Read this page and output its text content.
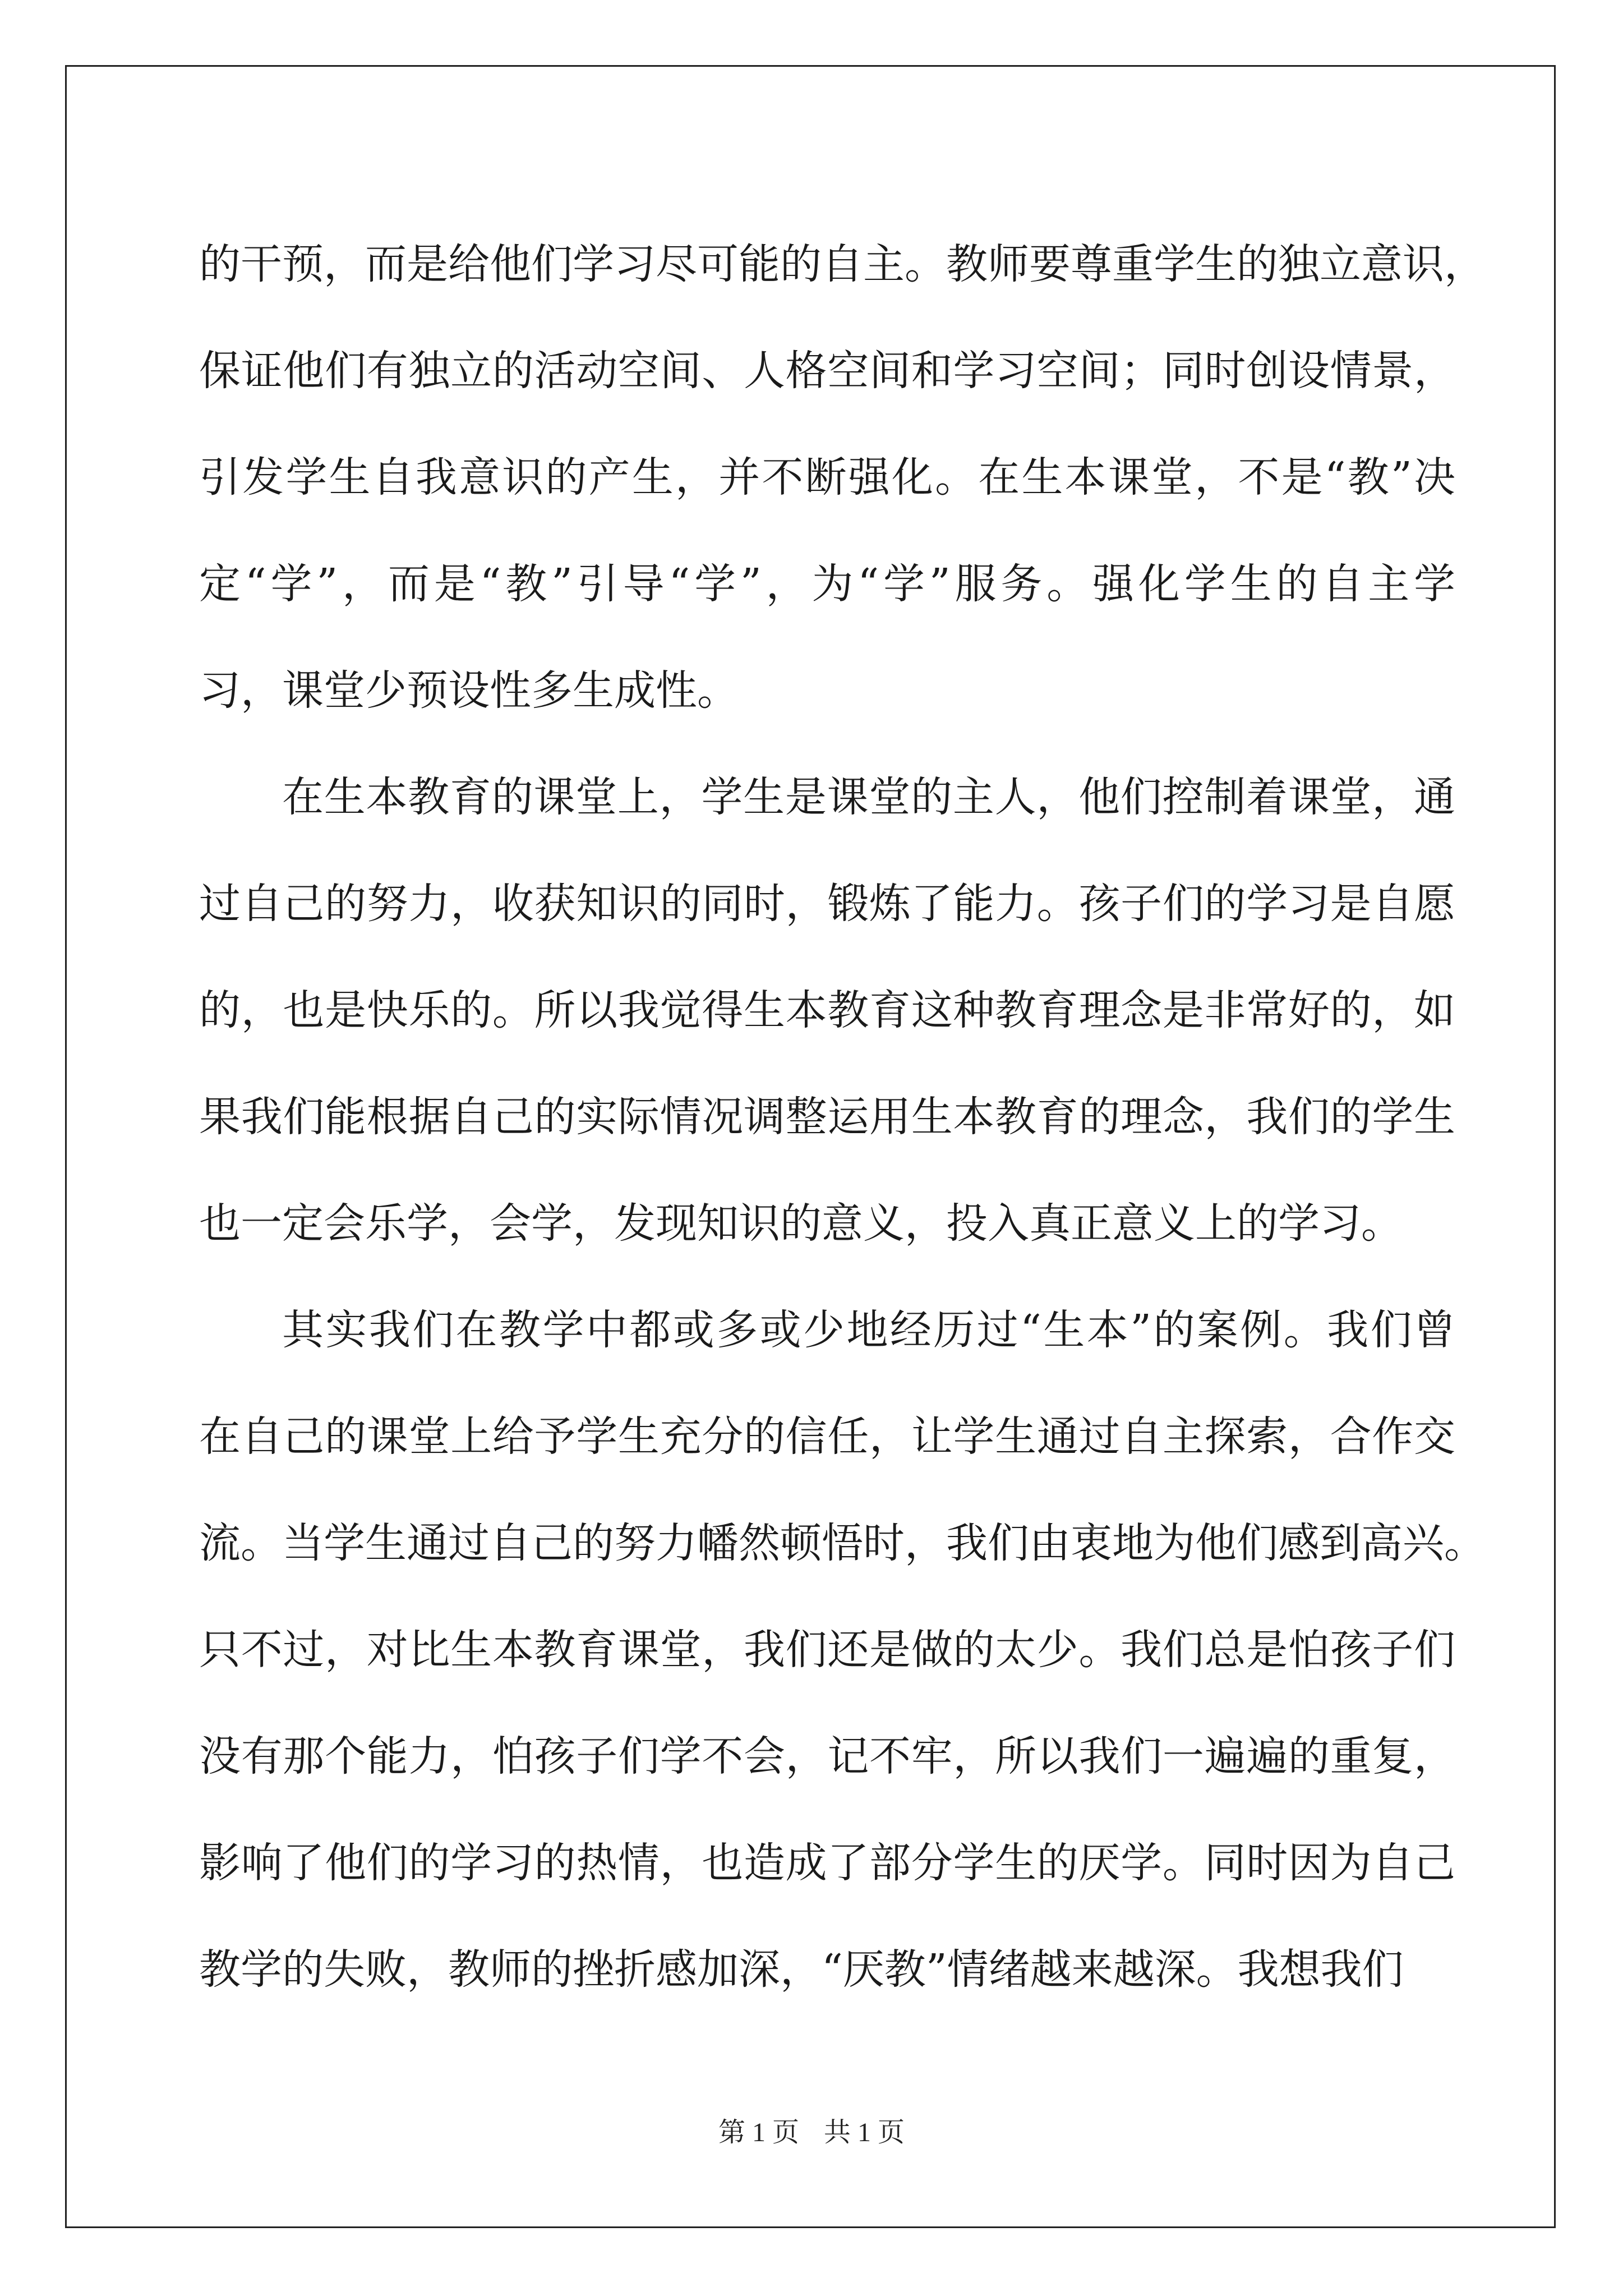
的干预，而是给他们学习尽可能的自主。教师要尊重学生的独立意识，
保证他们有独立的活动空间、人格空间和学习空间；同时创设情景，
引发学生自我意识的产生，并不断强化。在生本课堂，不是“教”决
定“学”，而是“教”引导“学”，为“学”服务。强化学生的自主学
习，课堂少预设性多生成性。
在生本教育的课堂上，学生是课堂的主人，他们控制着课堂，通
过自己的努力，收获知识的同时，锻炼了能力。孩子们的学习是自愿
的，也是快乐的。所以我觉得生本教育这种教育理念是非常好的，如
果我们能根据自己的实际情况调整运用生本教育的理念，我们的学生
也一定会乐学，会学，发现知识的意义，投入真正意义上的学习。
其实我们在教学中都或多或少地经历过“生本”的案例。我们曾
在自己的课堂上给予学生充分的信任，让学生通过自主探索，合作交
流。当学生通过自己的努力幡然顿悟时，我们由衷地为他们感到高兴。
只不过，对比生本教育课堂，我们还是做的太少。我们总是怕孩子们
没有那个能力，怕孩子们学不会，记不牢，所以我们一遍遍的重复，
影响了他们的学习的热情，也造成了部分学生的厌学。同时因为自己
教学的失败，教师的挫折感加深，“厌教”情绪越来越深。我想我们
第 1 页 共 1 页
